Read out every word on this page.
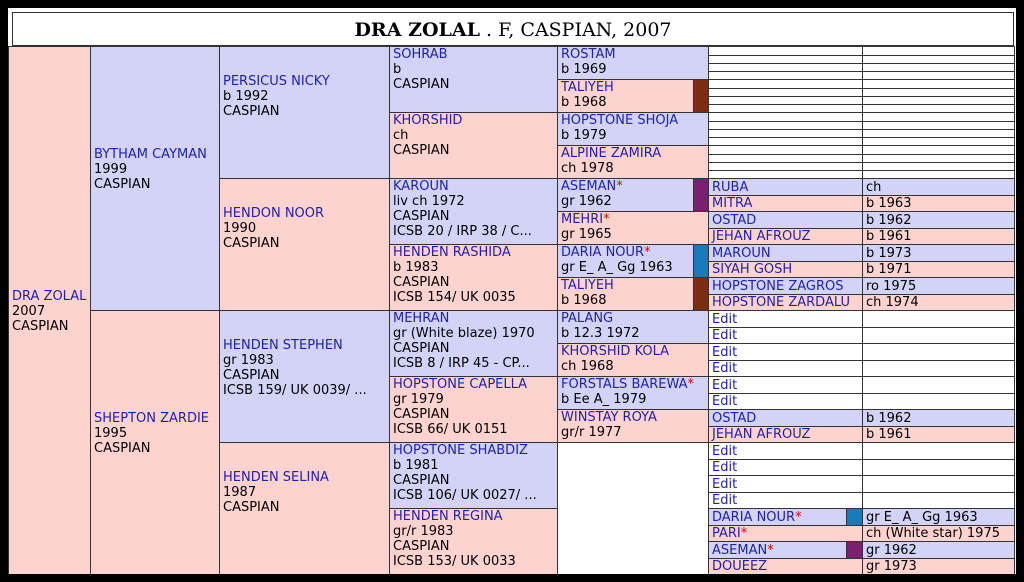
DRA ZOLAL
2007
CASPIAN
BYTHAM CAYMAN
1999
CASPIAN
SHEPTON ZARDIE
1995
CASPIAN
PERSICUS NICKY
b 1992
CASPIAN
HENDON NOOR
1990
CASPIAN
HENDEN STEPHEN
gr 1983
CASPIAN
ICSB 159/ UK 0039/ ...
HENDEN SELINA
1987
CASPIAN
SOHRAB
b
CASPIAN
KHORSHID
ch
CASPIAN
KAROUN
liv ch 1972
CASPIAN
ICSB 20 / IRP 38 / C...
HENDEN RASHIDA
b 1983
CASPIAN
ICSB 154/ UK 0035
MEHRAN
gr (White blaze) 1970
CASPIAN
ICSB 8 / IRP 45 - CP...
HOPSTONE CAPELLA
gr 1979
CASPIAN
ICSB 66/ UK 0151
HOPSTONE SHABDIZ
b 1981
CASPIAN
ICSB 106/ UK 0027/ ...
HENDEN REGINA
gr/r 1983
CASPIAN
ICSB 153/ UK 0033
ROSTAM
b 1969
TALIYEH
b 1968
HOPSTONE SHOJA
b 1979
ALPINE ZAMIRA
ch 1978
ASEMAN*

gr 1962
MEHRI*

gr 1965
DARIA NOUR*

gr E_ A_ Gg 1963
TALIYEH
b 1968
PALANG
b 12.3 1972
KHORSHID KOLA
ch 1968
FORSTALS BAREWA*

b Ee A_ 1979
WINSTAY ROYA
gr/r 1977
RUBA	ch
MITRA	b 1963
OSTAD	b 1962
JEHAN AFROUZ	b 1961
MAROUN	b 1973
SIYAH GOSH	b 1971
HOPSTONE ZAGROS	ro 1975
HOPSTONE ZARDALU	ch 1974
Edit
Edit
Edit
Edit
Edit
Edit
OSTAD	b 1962
JEHAN AFROUZ	b 1961
Edit
Edit
Edit
Edit
DARIA NOUR*	gr E_ A_ Gg 1963
PARI*	ch (White star) 1975
ASEMAN*	gr 1962
DOUEEZ	gr 1973
DRA ZOLAL . F, CASPIAN, 2007
